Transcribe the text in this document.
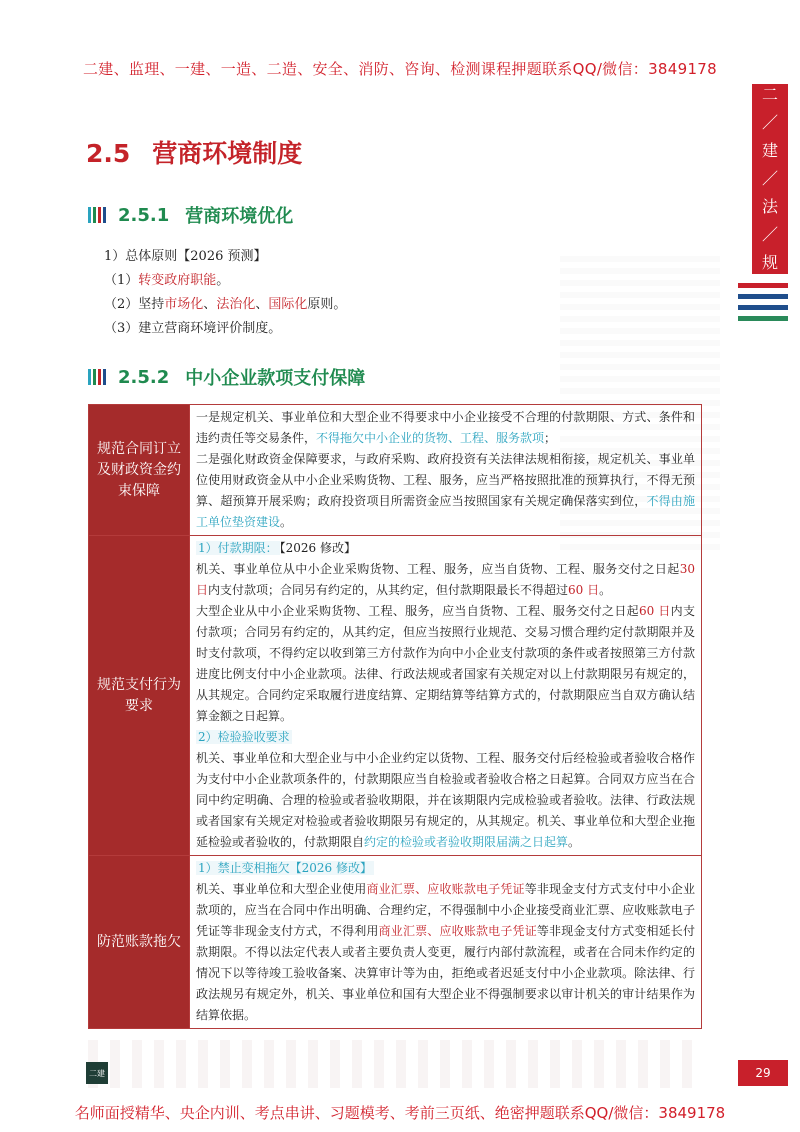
二建、监理、一建、一造、二造、安全、消防、咨询、检测课程押题联系QQ/微信：3849178
二
／
建
／
法
／
规
2.5 营商环境制度
2.5.1 营商环境优化
1）总体原则【2026 预测】
（1）转变政府职能。
（2）坚持市场化、法治化、国际化原则。
（3）建立营商环境评价制度。
2.5.2 中小企业款项支付保障
规范合同订立及财政资金约束保障	一是规定机关、事业单位和大型企业不得要求中小企业接受不合理的付款期限、方式、条件和违约责任等交易条件，不得拖欠中小企业的货物、工程、服务款项；
二是强化财政资金保障要求，与政府采购、政府投资有关法律法规相衔接，规定机关、事业单位使用财政资金从中小企业采购货物、工程、服务，应当严格按照批准的预算执行，不得无预算、超预算开展采购；政府投资项目所需资金应当按照国家有关规定确保落实到位，不得由施工单位垫资建设。
规范支付行为要求	1）付款期限： 【2026 修改】
机关、事业单位从中小企业采购货物、工程、服务，应当自货物、工程、服务交付之日起30 日内支付款项；合同另有约定的，从其约定，但付款期限最长不得超过60 日。
大型企业从中小企业采购货物、工程、服务，应当自货物、工程、服务交付之日起60 日内支付款项；合同另有约定的，从其约定，但应当按照行业规范、交易习惯合理约定付款期限并及时支付款项，不得约定以收到第三方付款作为向中小企业支付款项的条件或者按照第三方付款进度比例支付中小企业款项。法律、行政法规或者国家有关规定对以上付款期限另有规定的，从其规定。合同约定采取履行进度结算、定期结算等结算方式的，付款期限应当自双方确认结算金额之日起算。
2）检验验收要求
机关、事业单位和大型企业与中小企业约定以货物、工程、服务交付后经检验或者验收合格作为支付中小企业款项条件的，付款期限应当自检验或者验收合格之日起算。合同双方应当在合同中约定明确、合理的检验或者验收期限，并在该期限内完成检验或者验收。法律、行政法规或者国家有关规定对检验或者验收期限另有规定的，从其规定。机关、事业单位和大型企业拖延检验或者验收的，付款期限自约定的检验或者验收期限届满之日起算。
防范账款拖欠	1）禁止变相拖欠【2026 修改】
机关、事业单位和大型企业使用商业汇票、应收账款电子凭证等非现金支付方式支付中小企业款项的，应当在合同中作出明确、合理约定，不得强制中小企业接受商业汇票、应收账款电子凭证等非现金支付方式，不得利用商业汇票、应收账款电子凭证等非现金支付方式变相延长付款期限。不得以法定代表人或者主要负责人变更，履行内部付款流程，或者在合同未作约定的情况下以等待竣工验收备案、决算审计等为由，拒绝或者迟延支付中小企业款项。除法律、行政法规另有规定外，机关、事业单位和国有大型企业不得强制要求以审计机关的审计结果作为结算依据。
二建	29
名师面授精华、央企内训、考点串讲、习题模考、考前三页纸、绝密押题联系QQ/微信：3849178
